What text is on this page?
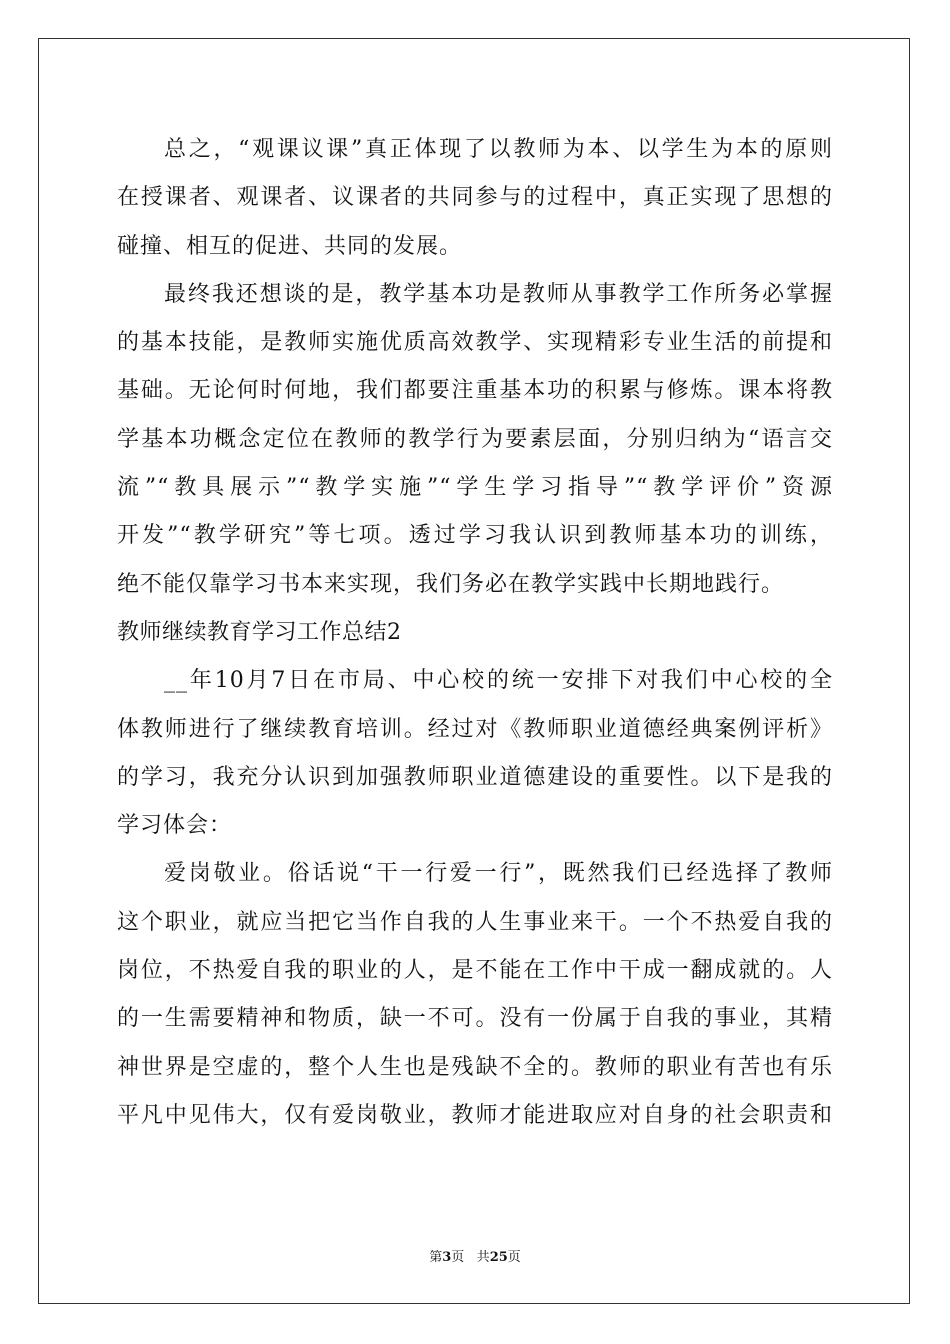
总之，“观课议课”真正体现了以教师为本、以学生为本的原则
在授课者、观课者、议课者的共同参与的过程中，真正实现了思想的
碰撞、相互的促进、共同的发展。
最终我还想谈的是，教学基本功是教师从事教学工作所务必掌握
的基本技能，是教师实施优质高效教学、实现精彩专业生活的前提和
基础。无论何时何地，我们都要注重基本功的积累与修炼。课本将教
学基本功概念定位在教师的教学行为要素层面，分别归纳为“语言交
流”“教具展示”“教学实施”“学生学习指导”“教学评价”资源
开发”“教学研究”等七项。透过学习我认识到教师基本功的训练，
绝不能仅靠学习书本来实现，我们务必在教学实践中长期地践行。
教师继续教育学习工作总结2
__年10月7日在市局、中心校的统一安排下对我们中心校的全
体教师进行了继续教育培训。经过对《教师职业道德经典案例评析》
的学习，我充分认识到加强教师职业道德建设的重要性。以下是我的
学习体会：
爱岗敬业。俗话说“干一行爱一行”，既然我们已经选择了教师
这个职业，就应当把它当作自我的人生事业来干。一个不热爱自我的
岗位，不热爱自我的职业的人，是不能在工作中干成一翻成就的。人
的一生需要精神和物质，缺一不可。没有一份属于自我的事业，其精
神世界是空虚的，整个人生也是残缺不全的。教师的职业有苦也有乐
平凡中见伟大，仅有爱岗敬业，教师才能进取应对自身的社会职责和
第3页 共25页
